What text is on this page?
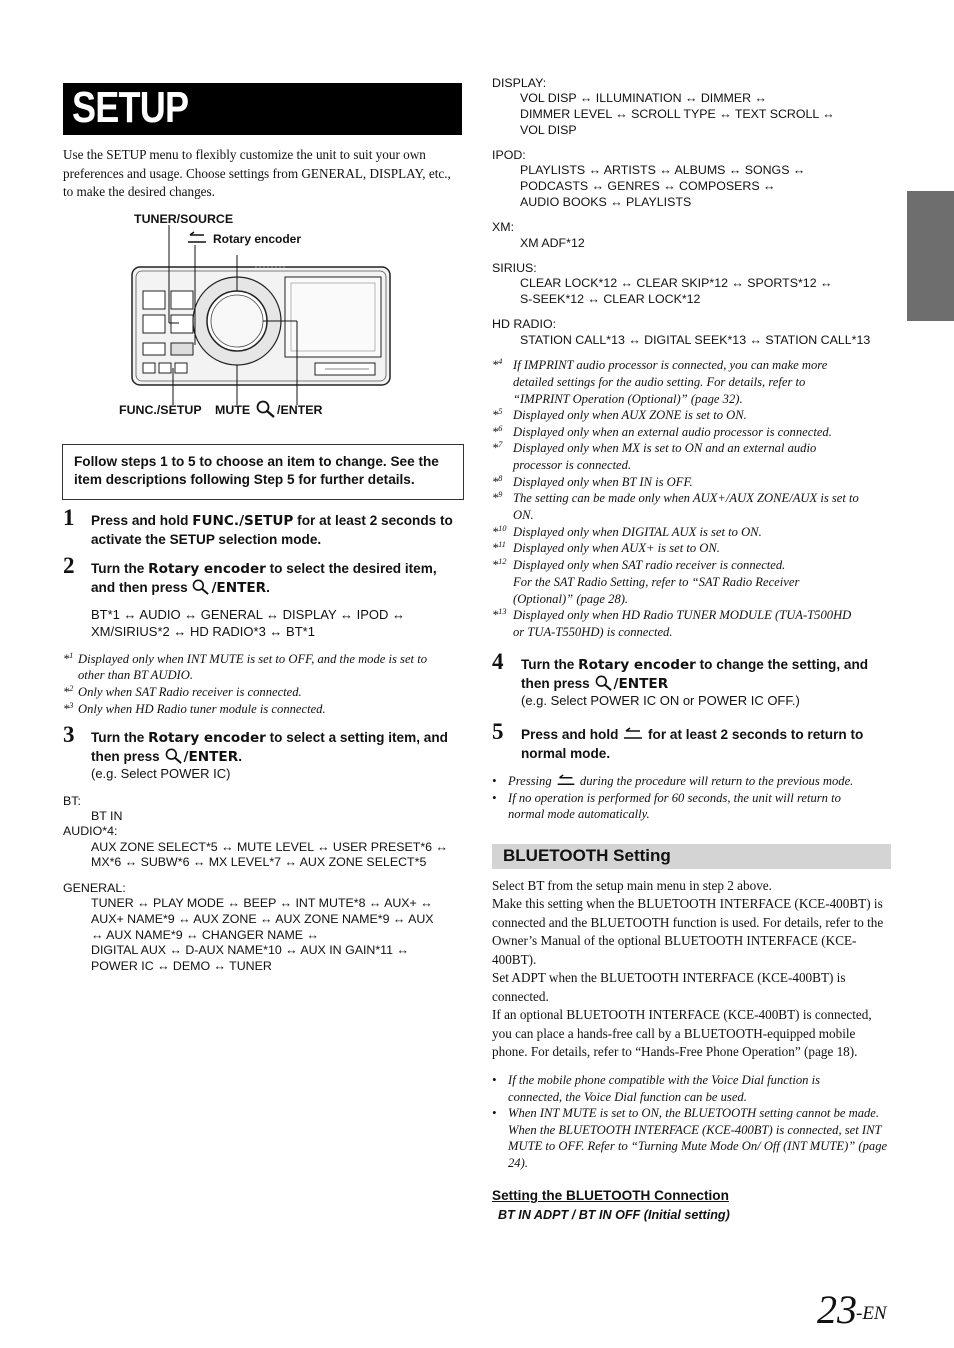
SETUP
Use the SETUP menu to flexibly customize the unit to suit your own preferences and usage. Choose settings from GENERAL, DISPLAY, etc., to make the desired changes.
TUNER/SOURCE
Rotary encoder
FUNC./SETUP MUTE /ENTER
Follow steps 1 to 5 to choose an item to change. See the item descriptions following Step 5 for further details.
1 Press and hold FUNC./SETUP for at least 2 seconds to activate the SETUP selection mode.
2 Turn the Rotary encoder to select the desired item, and then press /ENTER.
BT*1 ↔ AUDIO ↔ GENERAL ↔ DISPLAY ↔ IPOD ↔
XM/SIRIUS*2 ↔ HD RADIO*3 ↔ BT*1
*$^1$ Displayed only when INT MUTE is set to OFF, and the mode is set to
other than BT AUDIO.
*$^2$ Only when SAT Radio receiver is connected.
*$^3$ Only when HD Radio tuner module is connected.
3 Turn the Rotary encoder to select a setting item, and then press /ENTER.
(e.g. Select POWER IC)
BT:
BT IN
AUDIO*4:
AUX ZONE SELECT*5 ↔ MUTE LEVEL ↔ USER PRESET*6 ↔
MX*6 ↔ SUBW*6 ↔ MX LEVEL*7 ↔ AUX ZONE SELECT*5
GENERAL:
TUNER ↔ PLAY MODE ↔ BEEP ↔ INT MUTE*8 ↔ AUX+ ↔
AUX+ NAME*9 ↔ AUX ZONE ↔ AUX ZONE NAME*9 ↔ AUX
↔ AUX NAME*9 ↔ CHANGER NAME ↔
DIGITAL AUX ↔ D-AUX NAME*10 ↔ AUX IN GAIN*11 ↔
POWER IC ↔ DEMO ↔ TUNER
DISPLAY:
VOL DISP ↔ ILLUMINATION ↔ DIMMER ↔
DIMMER LEVEL ↔ SCROLL TYPE ↔ TEXT SCROLL ↔
VOL DISP
IPOD:
PLAYLISTS ↔ ARTISTS ↔ ALBUMS ↔ SONGS ↔
PODCASTS ↔ GENRES ↔ COMPOSERS ↔
AUDIO BOOKS ↔ PLAYLISTS
XM:
XM ADF*12
SIRIUS:
CLEAR LOCK*12 ↔ CLEAR SKIP*12 ↔ SPORTS*12 ↔
S-SEEK*12 ↔ CLEAR LOCK*12
HD RADIO:
STATION CALL*13 ↔ DIGITAL SEEK*13 ↔ STATION CALL*13
*$^4$ If IMPRINT audio processor is connected, you can make more
detailed settings for the audio setting. For details, refer to
“IMPRINT Operation (Optional)” (page 32).
*$^5$ Displayed only when AUX ZONE is set to ON.
*$^6$ Displayed only when an external audio processor is connected.
*$^7$ Displayed only when MX is set to ON and an external audio
processor is connected.
*$^8$ Displayed only when BT IN is OFF.
*$^9$ The setting can be made only when AUX+/AUX ZONE/AUX is set to
ON.
*$^{10}$ Displayed only when DIGITAL AUX is set to ON.
*$^{11}$ Displayed only when AUX+ is set to ON.
*$^{12}$ Displayed only when SAT radio receiver is connected.
For the SAT Radio Setting, refer to “SAT Radio Receiver
(Optional)” (page 28).
*$^{13}$ Displayed only when HD Radio TUNER MODULE (TUA-T500HD
or TUA-T550HD) is connected.
4 Turn the Rotary encoder to change the setting, and then press /ENTER
(e.g. Select POWER IC ON or POWER IC OFF.)
5 Press and hold  for at least 2 seconds to return to normal mode.
• Pressing  during the procedure will return to the previous mode.
• If no operation is performed for 60 seconds, the unit will return to
normal mode automatically.
BLUETOOTH Setting
Select BT from the setup main menu in step 2 above.
Make this setting when the BLUETOOTH INTERFACE (KCE-400BT) is connected and the BLUETOOTH function is used. For details, refer to the Owner’s Manual of the optional BLUETOOTH INTERFACE (KCE-400BT).
Set ADPT when the BLUETOOTH INTERFACE (KCE-400BT) is connected.
If an optional BLUETOOTH INTERFACE (KCE-400BT) is connected, you can place a hands-free call by a BLUETOOTH-equipped mobile phone. For details, refer to “Hands-Free Phone Operation” (page 18).
• If the mobile phone compatible with the Voice Dial function is connected, the Voice Dial function can be used.
• When INT MUTE is set to ON, the BLUETOOTH setting cannot be made. When the BLUETOOTH INTERFACE (KCE-400BT) is connected, set INT MUTE to OFF. Refer to “Turning Mute Mode On/ Off (INT MUTE)” (page 24).
Setting the BLUETOOTH Connection
BT IN ADPT / BT IN OFF (Initial setting)
23 -EN
